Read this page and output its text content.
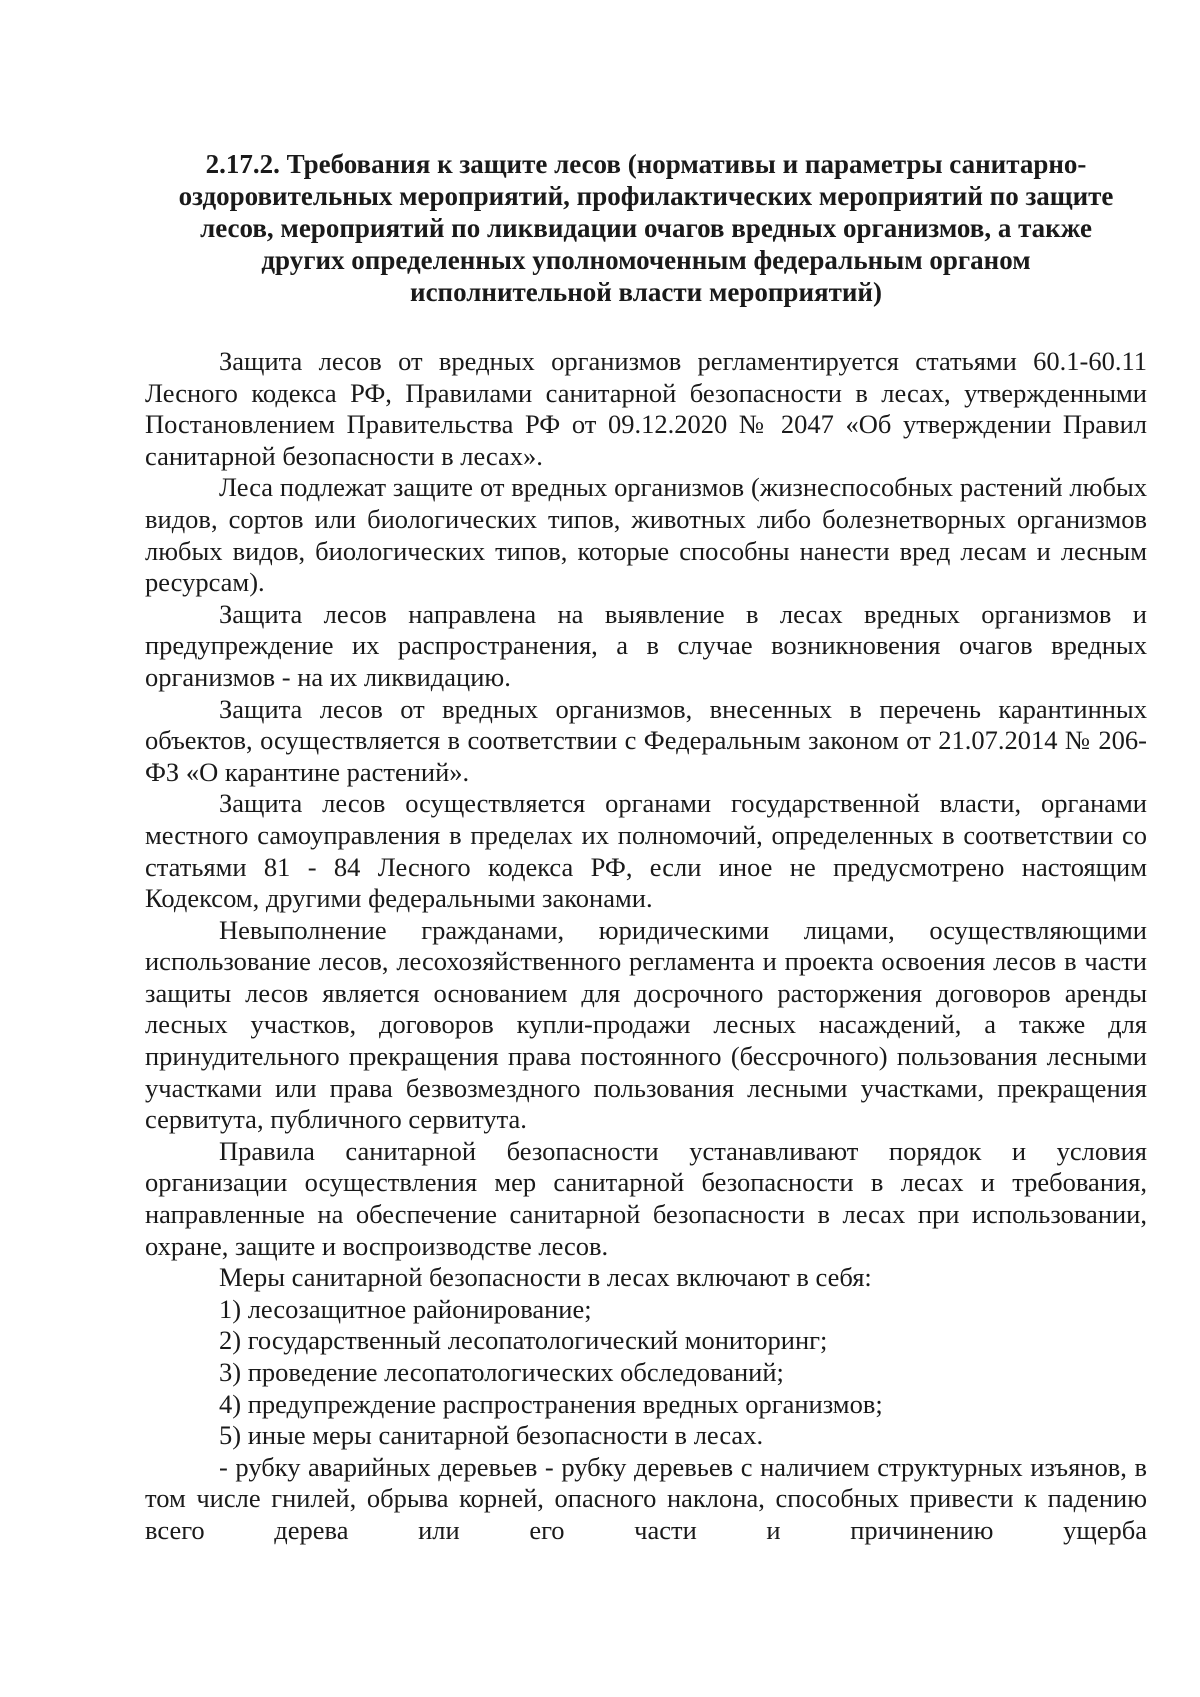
2.17.2. Требования к защите лесов (нормативы и параметры санитарно-
оздоровительных мероприятий, профилактических мероприятий по защите
лесов, мероприятий по ликвидации очагов вредных организмов, а также
других определенных уполномоченным федеральным органом
исполнительной власти мероприятий)

Защита лесов от вредных организмов регламентируется статьями 60.1-60.11 Лесного кодекса РФ, Правилами санитарной безопасности в лесах, утвержденными Постановлением Правительства РФ от 09.12.2020 № 2047 «Об утверждении Правил санитарной безопасности в лесах».

Леса подлежат защите от вредных организмов (жизнеспособных растений любых видов, сортов или биологических типов, животных либо болезнетворных организмов любых видов, биологических типов, которые способны нанести вред лесам и лесным ресурсам).

Защита лесов направлена на выявление в лесах вредных организмов и предупреждение их распространения, а в случае возникновения очагов вредных организмов - на их ликвидацию.

Защита лесов от вредных организмов, внесенных в перечень карантинных объектов, осуществляется в соответствии с Федеральным законом от 21.07.2014 № 206-ФЗ «О карантине растений».

Защита лесов осуществляется органами государственной власти, органами местного самоуправления в пределах их полномочий, определенных в соответствии со статьями 81 - 84 Лесного кодекса РФ, если иное не предусмотрено настоящим Кодексом, другими федеральными законами.

Невыполнение гражданами, юридическими лицами, осуществляющими использование лесов, лесохозяйственного регламента и проекта освоения лесов в части защиты лесов является основанием для досрочного расторжения договоров аренды лесных участков, договоров купли-продажи лесных насаждений, а также для принудительного прекращения права постоянного (бессрочного) пользования лесными участками или права безвозмездного пользования лесными участками, прекращения сервитута, публичного сервитута.

Правила санитарной безопасности устанавливают порядок и условия организации осуществления мер санитарной безопасности в лесах и требования, направленные на обеспечение санитарной безопасности в лесах при использовании, охране, защите и воспроизводстве лесов.

Меры санитарной безопасности в лесах включают в себя:

1) лесозащитное районирование;

2) государственный лесопатологический мониторинг;

3) проведение лесопатологических обследований;

4) предупреждение распространения вредных организмов;

5) иные меры санитарной безопасности в лесах.

- рубку аварийных деревьев - рубку деревьев с наличием структурных изъянов, в том числе гнилей, обрыва корней, опасного наклона, способных привести к падению всего дерева или его части и причинению ущерба
